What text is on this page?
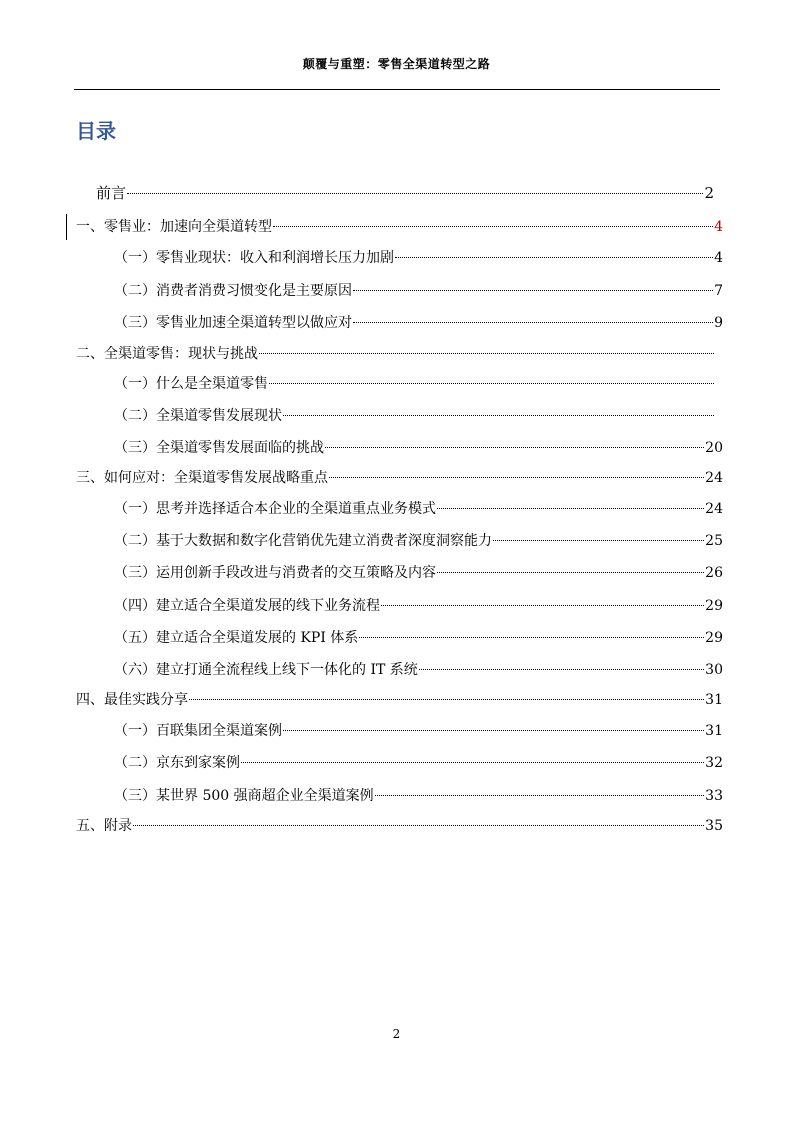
颠覆与重塑：零售全渠道转型之路
目录
前言	2
一、零售业：加速向全渠道转型	4
（一）零售业现状：收入和利润增长压力加剧	4
（二）消费者消费习惯变化是主要原因	7
（三）零售业加速全渠道转型以做应对	9
二、全渠道零售：现状与挑战
（一）什么是全渠道零售
（二）全渠道零售发展现状
（三）全渠道零售发展面临的挑战	20
三、如何应对：全渠道零售发展战略重点	24
（一）思考并选择适合本企业的全渠道重点业务模式	24
（二）基于大数据和数字化营销优先建立消费者深度洞察能力	25
（三）运用创新手段改进与消费者的交互策略及内容	26
（四）建立适合全渠道发展的线下业务流程	29
（五）建立适合全渠道发展的 KPI 体系	29
（六）建立打通全流程线上线下一体化的 IT 系统	30
四、最佳实践分享	31
（一）百联集团全渠道案例	31
（二）京东到家案例	32
（三）某世界 500 强商超企业全渠道案例	33
五、附录	35
2
